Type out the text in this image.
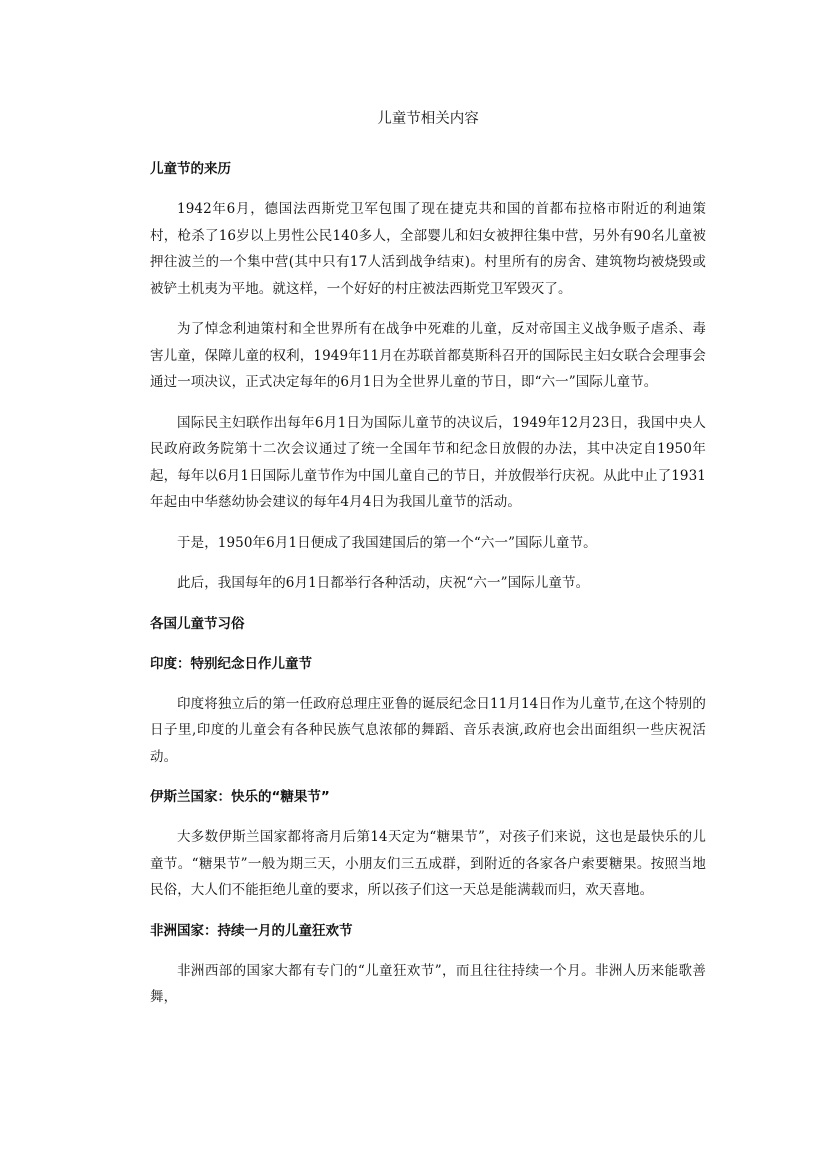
儿童节相关内容
儿童节的来历

1942年6月，德国法西斯党卫军包围了现在捷克共和国的首都布拉格市附近的利迪策村，枪杀了16岁以上男性公民140多人，全部婴儿和妇女被押往集中营，另外有90名儿童被押往波兰的一个集中营(其中只有17人活到战争结束)。村里所有的房舍、建筑物均被烧毁或被铲土机夷为平地。就这样，一个好好的村庄被法西斯党卫军毁灭了。

为了悼念利迪策村和全世界所有在战争中死难的儿童，反对帝国主义战争贩子虐杀、毒害儿童，保障儿童的权利，1949年11月在苏联首都莫斯科召开的国际民主妇女联合会理事会通过一项决议，正式决定每年的6月1日为全世界儿童的节日，即“六一”国际儿童节。

国际民主妇联作出每年6月1日为国际儿童节的决议后，1949年12月23日，我国中央人民政府政务院第十二次会议通过了统一全国年节和纪念日放假的办法，其中决定自1950年起，每年以6月1日国际儿童节作为中国儿童自己的节日，并放假举行庆祝。从此中止了1931年起由中华慈幼协会建议的每年4月4日为我国儿童节的活动。

于是，1950年6月1日便成了我国建国后的第一个“六一”国际儿童节。

此后，我国每年的6月1日都举行各种活动，庆祝“六一”国际儿童节。

各国儿童节习俗
印度：特别纪念日作儿童节

印度将独立后的第一任政府总理庄亚鲁的诞辰纪念日11月14日作为儿童节,在这个特别的日子里,印度的儿童会有各种民族气息浓郁的舞蹈、音乐表演,政府也会出面组织一些庆祝活动。

伊斯兰国家：快乐的“糖果节”

大多数伊斯兰国家都将斋月后第14天定为“糖果节”，对孩子们来说，这也是最快乐的儿童节。“糖果节”一般为期三天，小朋友们三五成群，到附近的各家各户索要糖果。按照当地民俗，大人们不能拒绝儿童的要求，所以孩子们这一天总是能满载而归，欢天喜地。

非洲国家：持续一月的儿童狂欢节

非洲西部的国家大都有专门的“儿童狂欢节”，而且往往持续一个月。非洲人历来能歌善舞，
